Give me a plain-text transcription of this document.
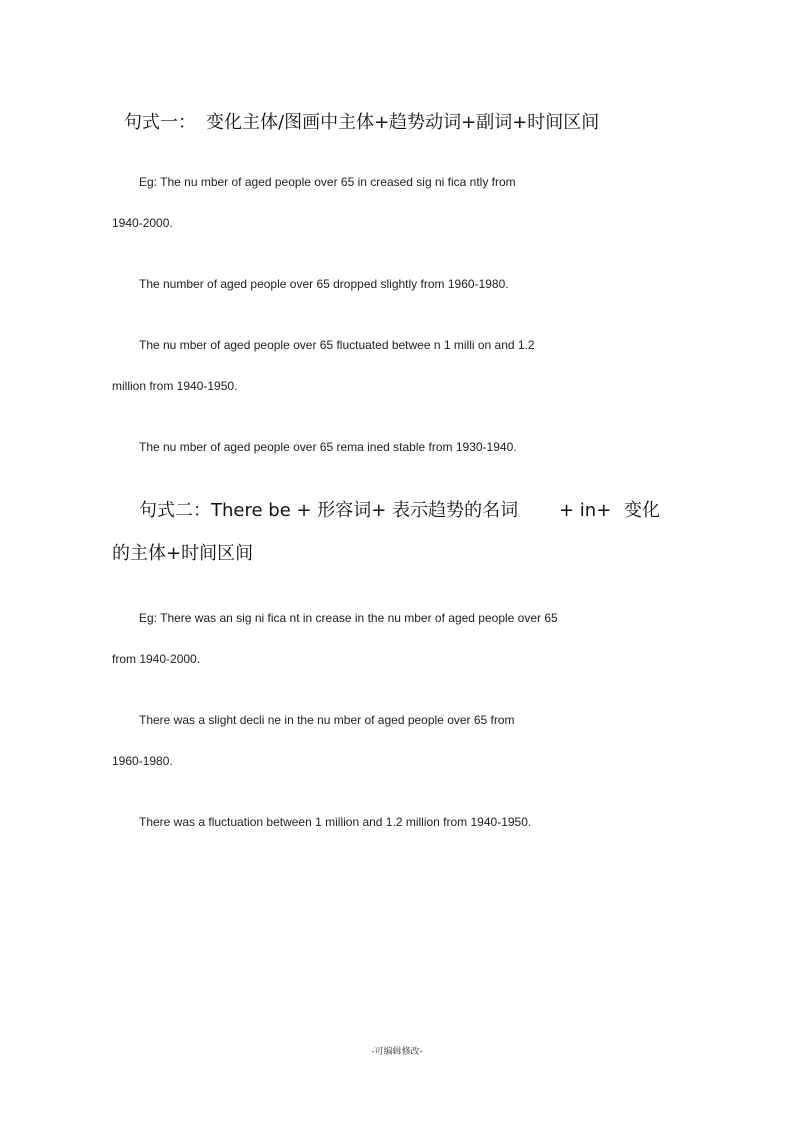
句式一： 变化主体/图画中主体+趋势动词+副词+时间区间
Eg: The nu mber of aged people over 65 in creased sig ni fica ntly from
1940-2000.
The number of aged people over 65 dropped slightly from 1960-1980.
The nu mber of aged people over 65 fluctuated betwee n 1 milli on and 1.2
million from 1940-1950.
The nu mber of aged people over 65 rema ined stable from 1930-1940.
句式二：There be + 形容词+ 表示趋势的名词 + in+ 变化
的主体+时间区间
Eg: There was an sig ni fica nt in crease in the nu mber of aged people over 65
from 1940-2000.
There was a slight decli ne in the nu mber of aged people over 65 from
1960-1980.
There was a fluctuation between 1 million and 1.2 million from 1940-1950.
-可编辑修改-
